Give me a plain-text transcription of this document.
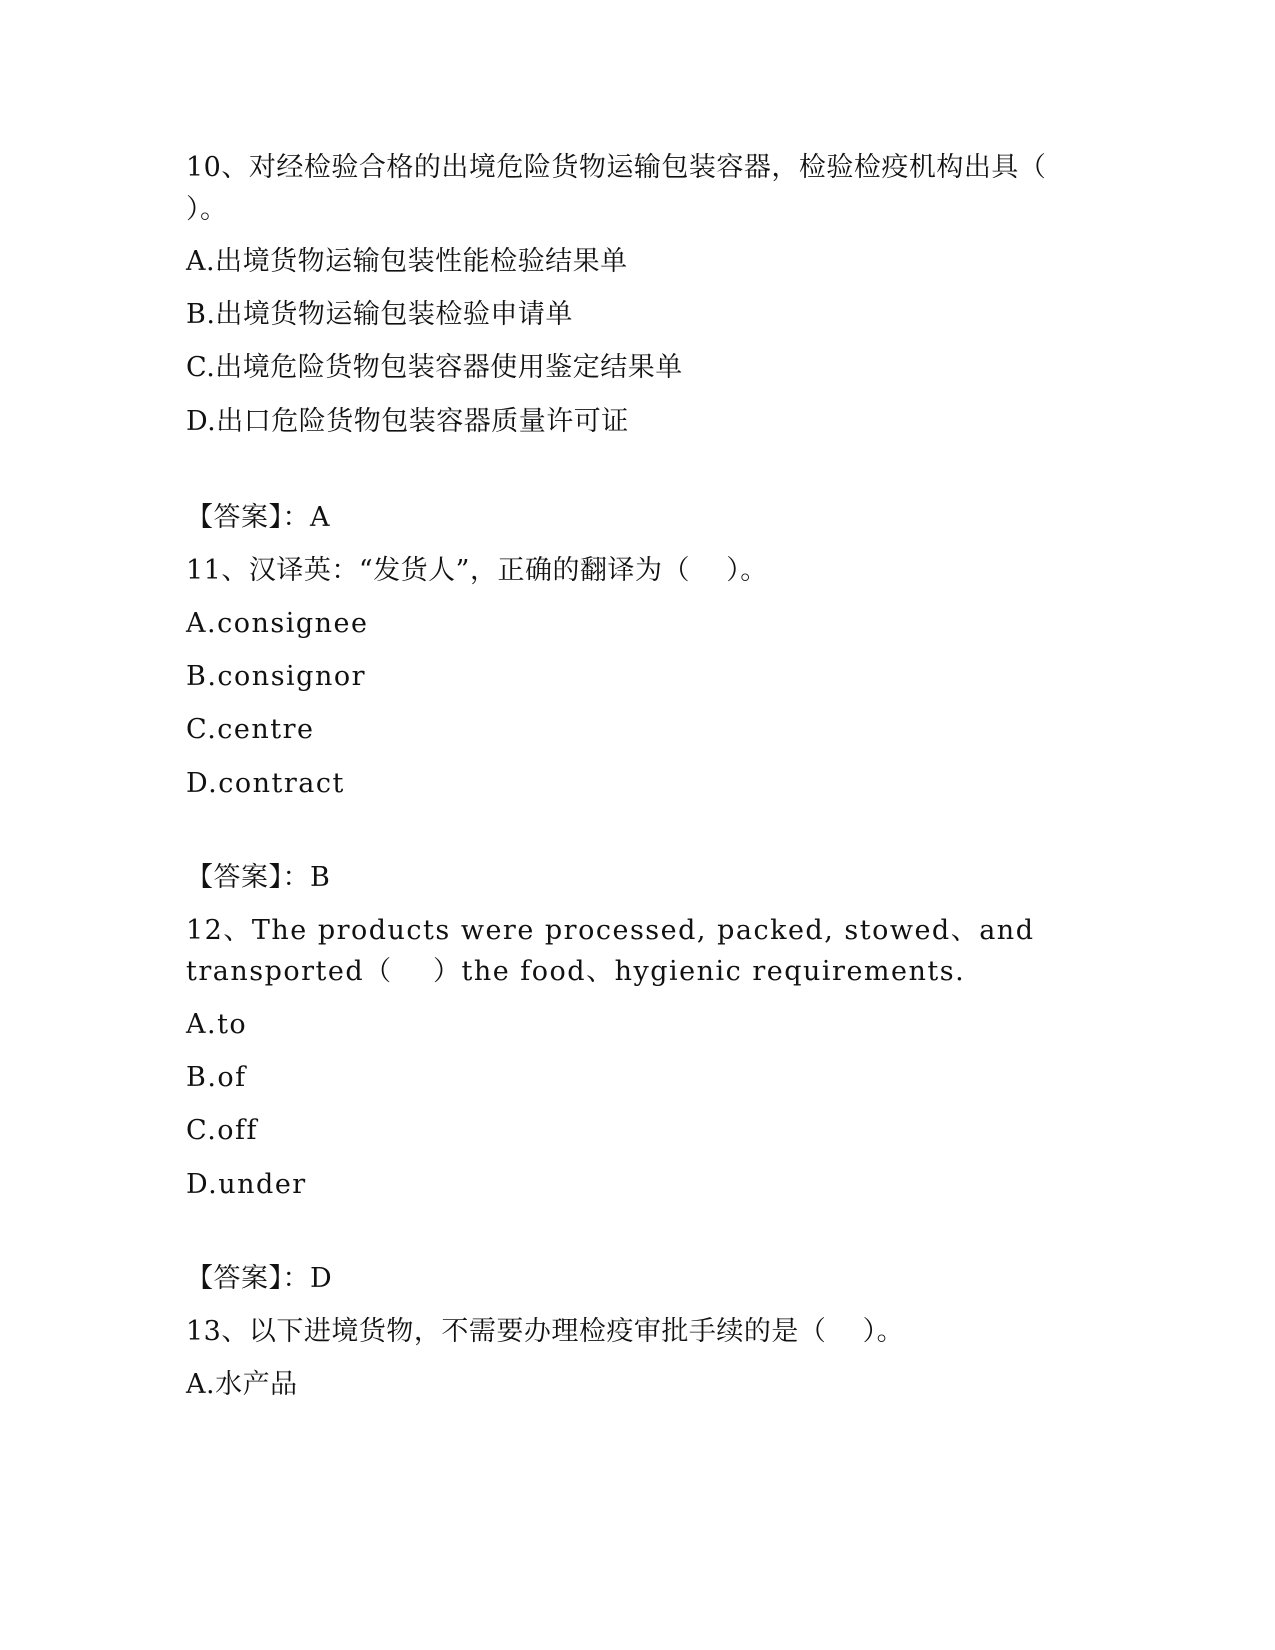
10、对经检验合格的出境危险货物运输包装容器，检验检疫机构出具（
）。
A.出境货物运输包装性能检验结果单
B.出境货物运输包装检验申请单
C.出境危险货物包装容器使用鉴定结果单
D.出口危险货物包装容器质量许可证
【答案】：A
11、汉译英：“发货人”，正确的翻译为（    ）。
A.consignee
B.consignor
C.centre
D.contract
【答案】：B
12、The products were processed, packed, stowed、and
transported（    ）the food、hygienic requirements.
A.to
B.of
C.off
D.under
【答案】：D
13、以下进境货物，不需要办理检疫审批手续的是（    ）。
A.水产品
